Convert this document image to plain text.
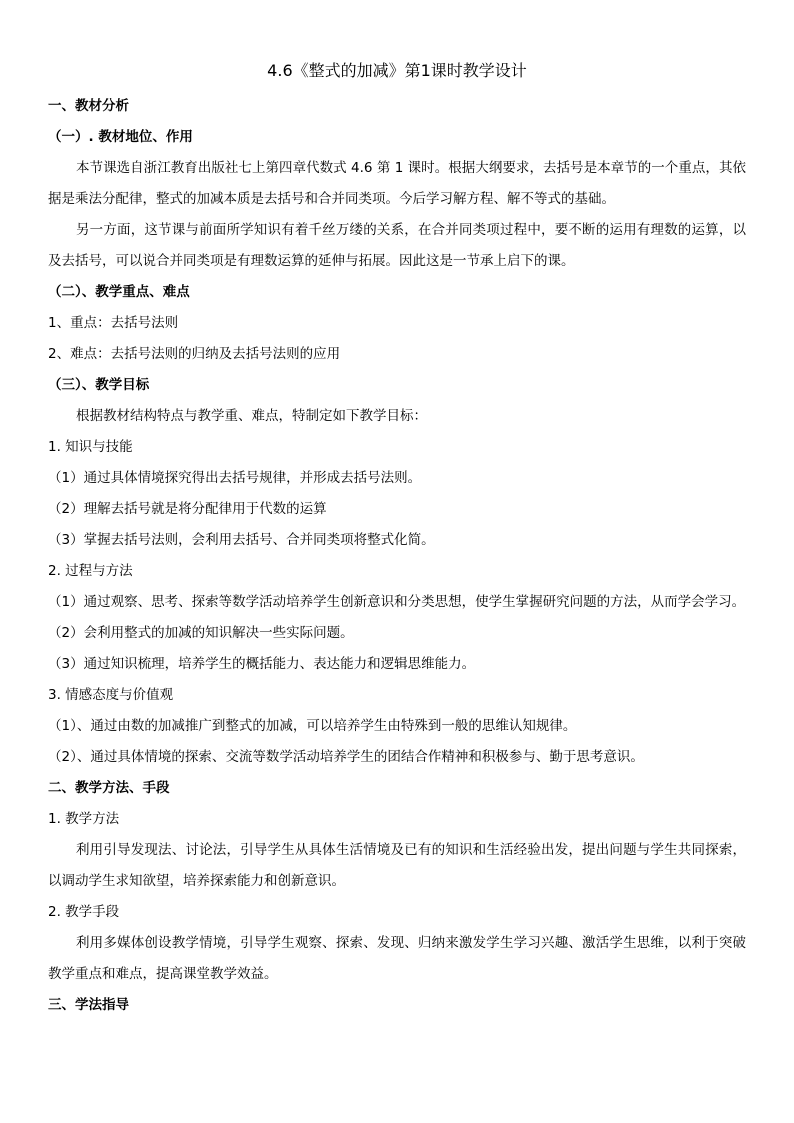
4.6《整式的加减》第1课时教学设计
一、教材分析
（一）. 教材地位、作用
本节课选自浙江教育出版社七上第四章代数式 4.6 第 1 课时。根据大纲要求，去括号是本章节的一个重点，其依据是乘法分配律，整式的加减本质是去括号和合并同类项。今后学习解方程、解不等式的基础。
另一方面，这节课与前面所学知识有着千丝万缕的关系，在合并同类项过程中，要不断的运用有理数的运算，以及去括号，可以说合并同类项是有理数运算的延伸与拓展。因此这是一节承上启下的课。
（二）、教学重点、难点
1、重点：去括号法则
2、难点：去括号法则的归纳及去括号法则的应用
（三）、教学目标
根据教材结构特点与教学重、难点，特制定如下教学目标：
1. 知识与技能
（1）通过具体情境探究得出去括号规律，并形成去括号法则。
（2）理解去括号就是将分配律用于代数的运算
（3）掌握去括号法则，会利用去括号、合并同类项将整式化简。
2. 过程与方法
（1）通过观察、思考、探索等数学活动培养学生创新意识和分类思想，使学生掌握研究问题的方法，从而学会学习。
（2）会利用整式的加减的知识解决一些实际问题。
（3）通过知识梳理，培养学生的概括能力、表达能力和逻辑思维能力。
3. 情感态度与价值观
（1）、通过由数的加减推广到整式的加减，可以培养学生由特殊到一般的思维认知规律。
（2）、通过具体情境的探索、交流等数学活动培养学生的团结合作精神和积极参与、勤于思考意识。
二、教学方法、手段
1. 教学方法
利用引导发现法、讨论法，引导学生从具体生活情境及已有的知识和生活经验出发，提出问题与学生共同探索，以调动学生求知欲望，培养探索能力和创新意识。
2. 教学手段
利用多媒体创设教学情境，引导学生观察、探索、发现、归纳来激发学生学习兴趣、激活学生思维，以利于突破教学重点和难点，提高课堂教学效益。
三、学法指导
